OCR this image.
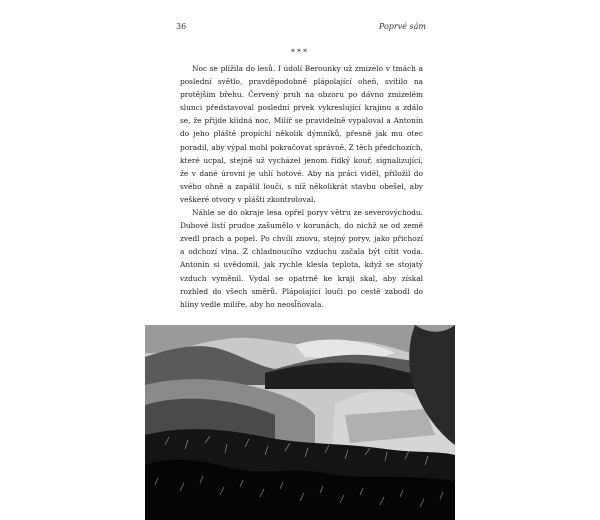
36	Poprvé sám
***

Noc se plížila do lesů. I údolí Berounky už zmizelo v tmách a poslední světlo, pravděpodobně plápolající oheň, svítilo na protějším břehu. Červený pruh na obzoru po dávno zmizelém slunci představoval poslední prvek vykreslující krajinu a zdálo se, že přijde klidná noc. Milíř se pravidelně vypaloval a Antonín do jeho pláště propíchl několik dýmníků, přesně jak mu otec poradil, aby výpal mohl pokračovat správně. Z těch předchozích, které ucpal, stejně už vycházel jenom řídký kouř, signalizující, že v dané úrovni je uhlí hotové. Aby na práci viděl, přiložil do svého ohně a zapálil louči, s níž několikrát stavbu obešel, aby veškeré otvory v plášti zkontroloval.

Náhle se do okraje lesa opřel poryv větru ze severovýchodu. Dubové listí prudce zašumělo v korunách, do nichž se od země zvedl prach a popel. Po chvíli znovu, stejný poryv, jako přichozí a odchozí vlna. Z chladnoucího vzduchu začala být cítit voda. Antonín si uvědomil, jak rychle klesla teplota, když se stojatý vzduch vyměnil. Vydal se opatrně ke kraji skal, aby získal rozhled do všech směrů. Plápolající louči po cestě zabodl do hlíny vedle milíře, aby ho neosl̃ňovala.
